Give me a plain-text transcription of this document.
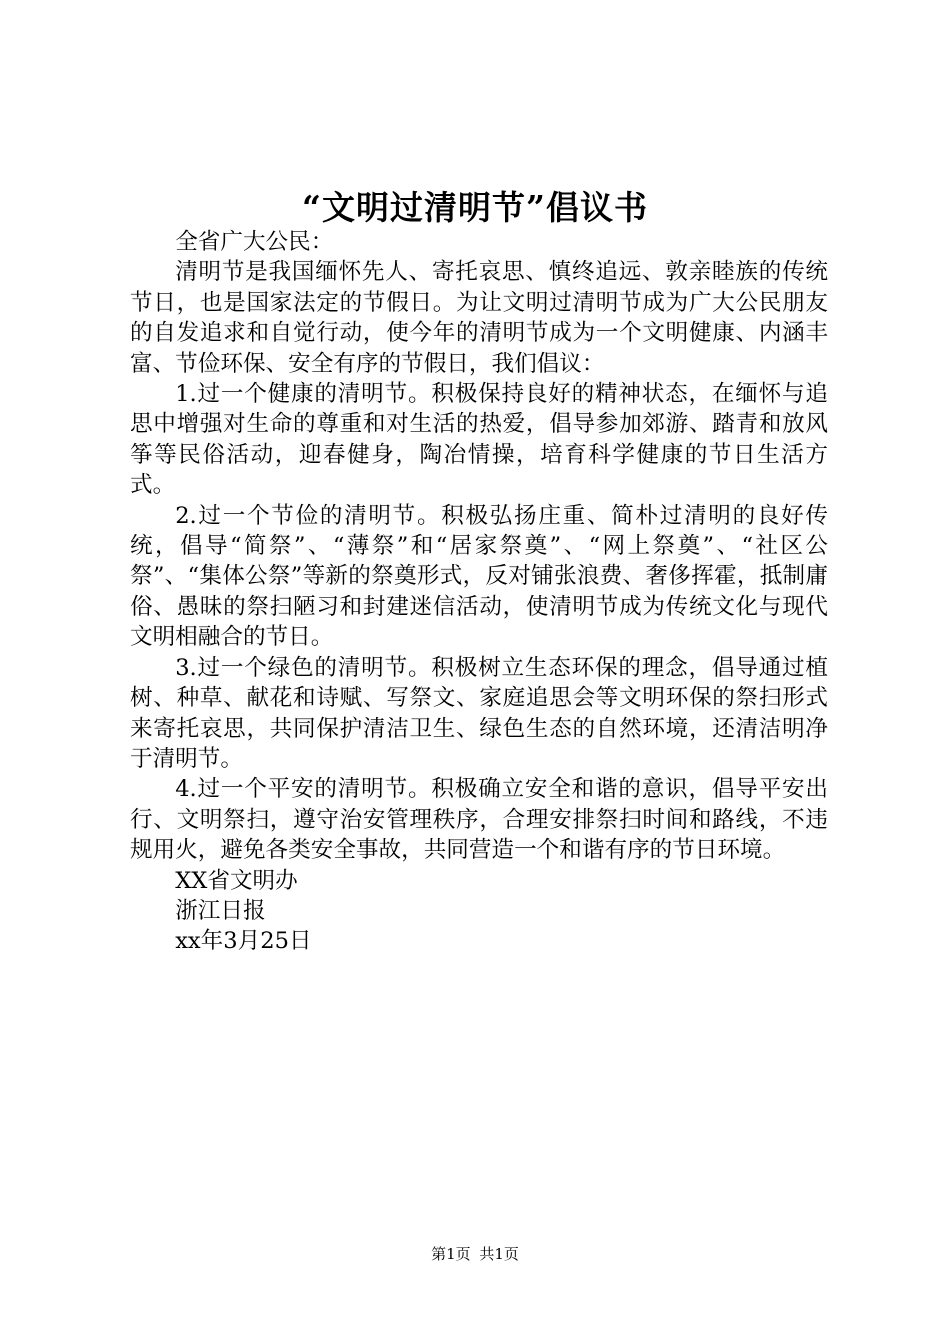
“文明过清明节”倡议书

全省广大公民：

清明节是我国缅怀先人、寄托哀思、慎终追远、敦亲睦族的传统节日，也是国家法定的节假日。为让文明过清明节成为广大公民朋友的自发追求和自觉行动，使今年的清明节成为一个文明健康、内涵丰富、节俭环保、安全有序的节假日，我们倡议：

1.过一个健康的清明节。积极保持良好的精神状态，在缅怀与追思中增强对生命的尊重和对生活的热爱，倡导参加郊游、踏青和放风筝等民俗活动，迎春健身，陶冶情操，培育科学健康的节日生活方式。

2.过一个节俭的清明节。积极弘扬庄重、简朴过清明的良好传统，倡导“简祭”、“薄祭”和“居家祭奠”、“网上祭奠”、“社区公祭”、“集体公祭”等新的祭奠形式，反对铺张浪费、奢侈挥霍，抵制庸俗、愚昧的祭扫陋习和封建迷信活动，使清明节成为传统文化与现代文明相融合的节日。

3.过一个绿色的清明节。积极树立生态环保的理念，倡导通过植树、种草、献花和诗赋、写祭文、家庭追思会等文明环保的祭扫形式来寄托哀思，共同保护清洁卫生、绿色生态的自然环境，还清洁明净于清明节。

4.过一个平安的清明节。积极确立安全和谐的意识，倡导平安出行、文明祭扫，遵守治安管理秩序，合理安排祭扫时间和路线，不违规用火，避免各类安全事故，共同营造一个和谐有序的节日环境。

XX省文明办

浙江日报

xx年3月25日

第1页 共1页
